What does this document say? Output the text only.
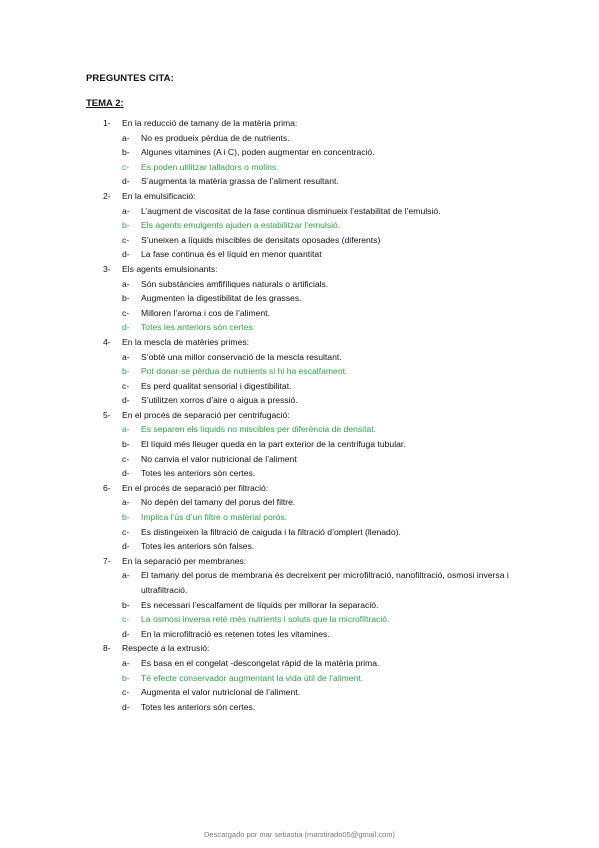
PREGUNTES CITA:
TEMA 2:
1- En la reducció de tamany de la matèria prima:
a- No es produeix pèrdua de de nutrients.
b- Algunes vitamines (A i C), poden augmentar en concentració.
c- Es poden utilitzar talladors o molins.
d- S’augmenta la matèria grassa de l’aliment resultant.
2- En la emulsificació:
a- L’augment de viscositat de la fase continua disminueix l’estabilitat de l’emulsió.
b- Els agents emulgents ajuden a estabilitzar l’emulsió.
c- S’uneixen a líquids miscibles de densitats oposades (diferents)
d- La fase continua és el líquid en menor quantitat
3- Els agents emulsionants:
a- Són substàncies amfifíliques naturals o artificials.
b- Augmenten la digestibilitat de les grasses.
c- Milloren l’aroma i cos de l’aliment.
d- Totes les anteriors són certes.
4- En la mescla de matèries primes:
a- S’obté una millor conservació de la mescla resultant.
b- Pot donar-se pèrdua de nutrients si hi ha escalfament.
c- Es perd qualitat sensorial i digestibilitat.
d- S’utilitzen xorros d’aire o aigua a pressió.
5- En el procés de separació per centrifugació:
a- Es separen els líquids no miscibles per diferència de densitat.
b- El líquid més lleuger queda en la part exterior de la centrifuga tubular.
c- No canvia el valor nutricional de l’aliment
d- Totes les anteriors són certes.
6- En el procés de separació per filtració:
a- No depèn del tamany del porus del filtre.
b- Implica l’ús d’un filtre o material porós.
c- Es distingeixen la filtració de caiguda i la filtració d’omplert (llenado).
d- Totes les anteriors són falses.
7- En la separació per membranes:
a- El tamany del porus de membrana és decreixent per microfiltració, nanofiltració, osmosi inversa i ultrafiltració.
b- Es necessari l’escalfament de líquids per millorar la separació.
c- La osmosi inversa reté més nutrients i soluts que la microfiltració.
d- En la microfiltració es retenen totes les vitamines.
8- Respecte a la extrusió:
a- Es basa en el congelat -descongelat ràpid de la matèria prima.
b- Té efecte conservador augmentant la vida útil de l’aliment.
c- Augmenta el valor nutricional de l’aliment.
d- Totes les anteriors són certes.
Descargado por mar sebastia (marstirado05@gmail.com)
